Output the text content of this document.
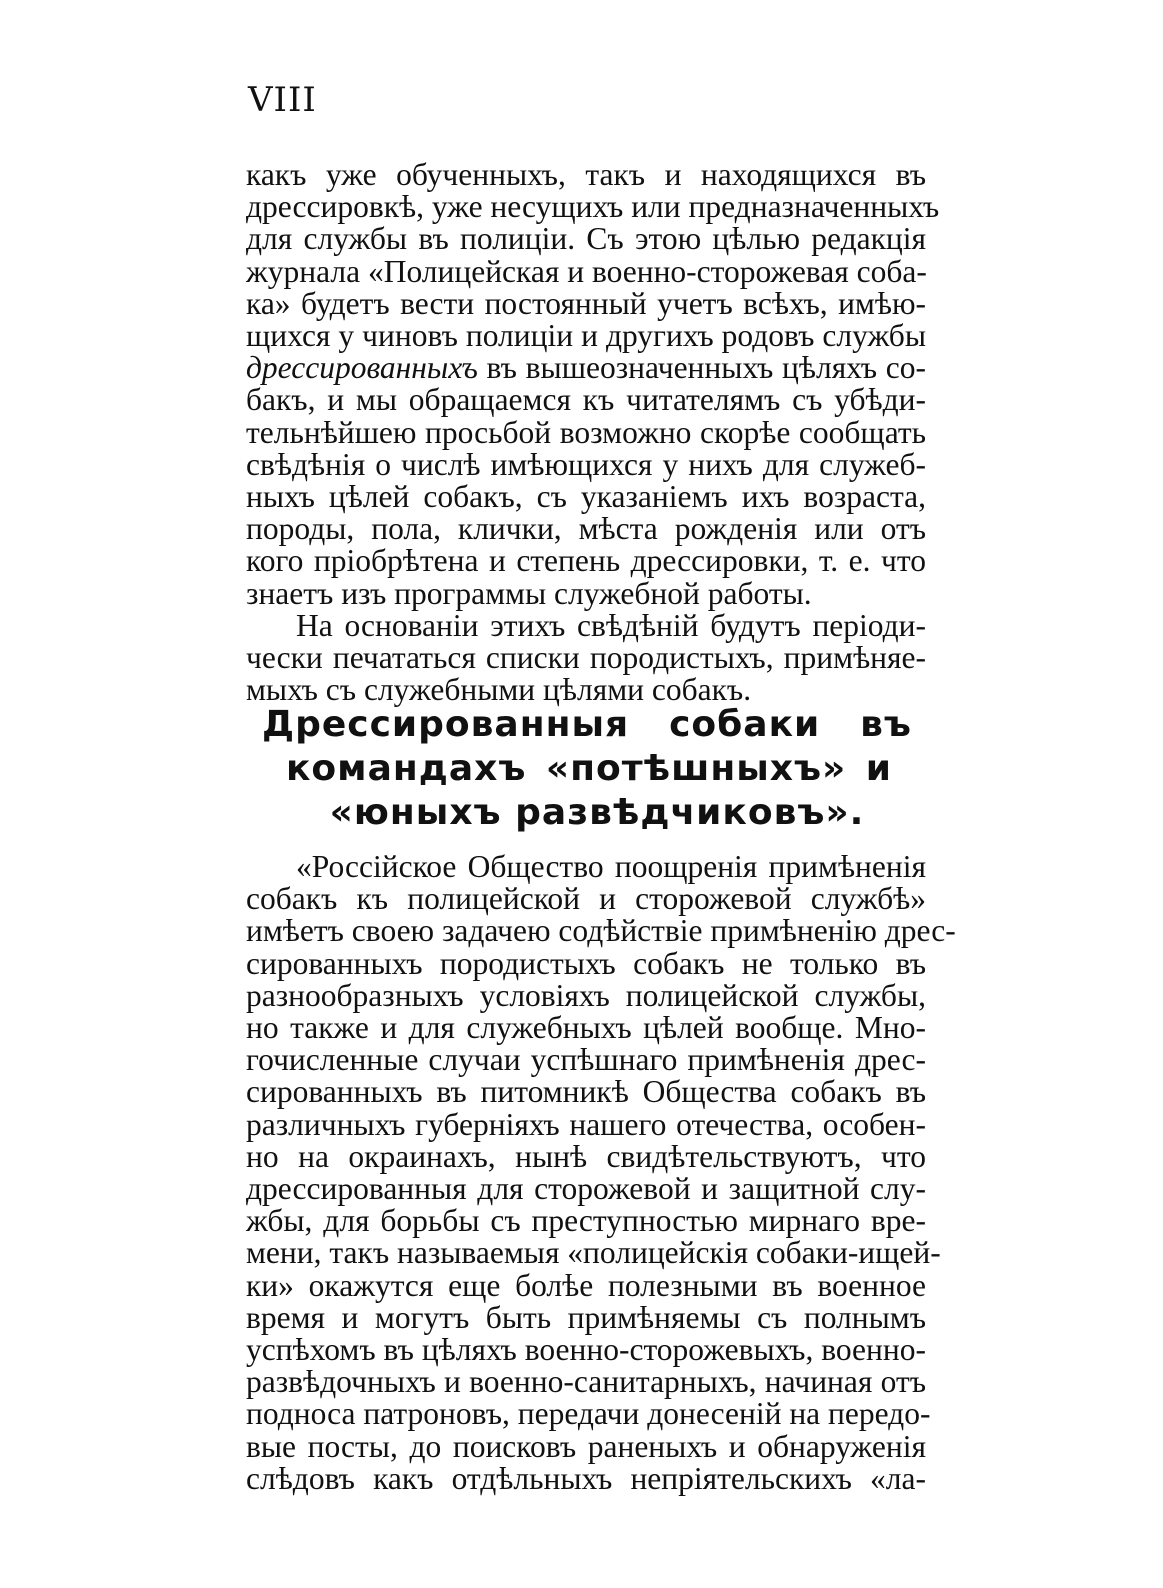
VIII
какъ уже обученныхъ, такъ и находящихся въ
дрессировкѣ, уже несущихъ или предназначенныхъ
для службы въ полиціи. Съ этою цѣлью редакція
журнала «Полицейская и военно-сторожевая соба-
ка» будетъ вести постоянный учетъ всѣхъ, имѣю-
щихся у чиновъ полиціи и другихъ родовъ службы
дрессированныхъ въ вышеозначенныхъ цѣляхъ со-
бакъ, и мы обращаемся къ читателямъ съ убѣди-
тельнѣйшею просьбой возможно скорѣе сообщать
свѣдѣнія о числѣ имѣющихся у нихъ для служеб-
ныхъ цѣлей собакъ, съ указаніемъ ихъ возраста,
породы, пола, клички, мѣста рожденія или отъ
кого пріобрѣтена и степень дрессировки, т. е. что
знаетъ изъ программы служебной работы.
На основаніи этихъ свѣдѣній будутъ періоди-
чески печататься списки породистыхъ, примѣняе-
мыхъ съ служебными цѣлями собакъ.
Дрессированныя собаки въ
командахъ «потѣшныхъ» и
«юныхъ развѣдчиковъ».
«Россійское Общество поощренія примѣненія
собакъ къ полицейской и сторожевой службѣ»
имѣетъ своею задачею содѣйствіе примѣненію дрес-
сированныхъ породистыхъ собакъ не только въ
разнообразныхъ условіяхъ полицейской службы,
но также и для служебныхъ цѣлей вообще. Мно-
гочисленные случаи успѣшнаго примѣненія дрес-
сированныхъ въ питомникѣ Общества собакъ въ
различныхъ губерніяхъ нашего отечества, особен-
но на окраинахъ, нынѣ свидѣтельствуютъ, что
дрессированныя для сторожевой и защитной слу-
жбы, для борьбы съ преступностью мирнаго вре-
мени, такъ называемыя «полицейскія собаки-ищей-
ки» окажутся еще болѣе полезными въ военное
время и могутъ быть примѣняемы съ полнымъ
успѣхомъ въ цѣляхъ военно-сторожевыхъ, военно-
развѣдочныхъ и военно-санитарныхъ, начиная отъ
подноса патроновъ, передачи донесеній на передо-
вые посты, до поисковъ раненыхъ и обнаруженія
слѣдовъ какъ отдѣльныхъ непріятельскихъ «ла-
